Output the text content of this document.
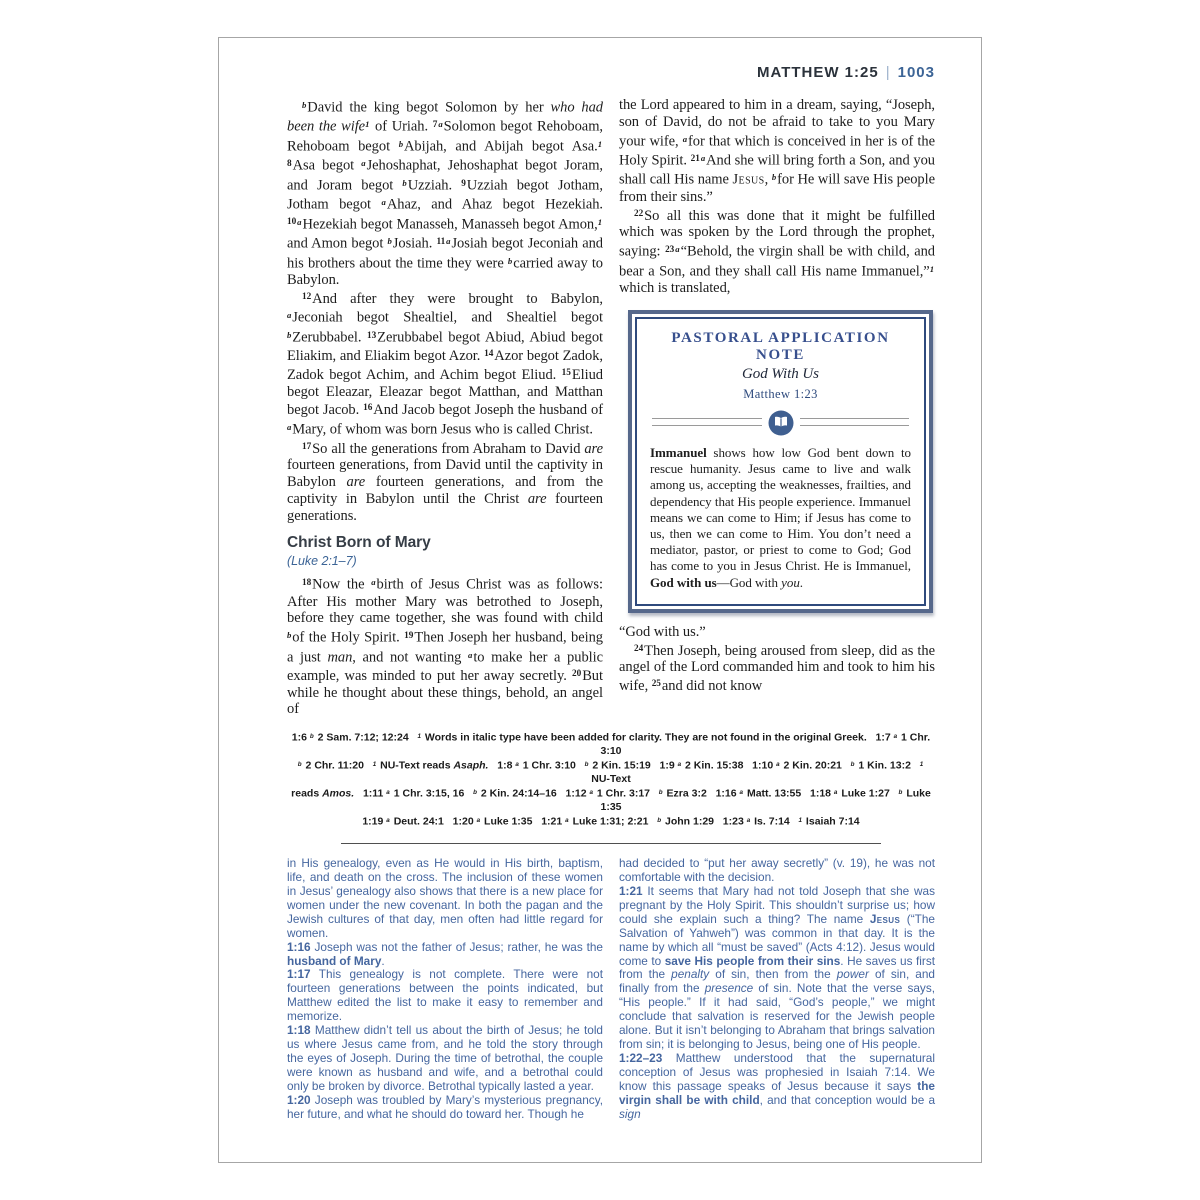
MATTHEW 1:25 | 1003

$^b$David the king begot Solomon by her who had been the wife$^1$ of Uriah. $^{7a}$Solomon begot Rehoboam, Rehoboam begot $^b$Abijah, and Abijah begot Asa.$^1$ $^8$Asa begot $^a$Jehoshaphat, Jehoshaphat begot Joram, and Joram begot $^b$Uzziah. $^9$Uzziah begot Jotham, Jotham begot $^a$Ahaz, and Ahaz begot Hezekiah. $^{10a}$Hezekiah begot Manasseh, Manasseh begot Amon,$^1$ and Amon begot $^b$Josiah. $^{11a}$Josiah begot Jeconiah and his brothers about the time they were $^b$carried away to Babylon.

$^{12}$And after they were brought to Babylon, $^a$Jeconiah begot Shealtiel, and Shealtiel begot $^b$Zerubbabel. $^{13}$Zerubbabel begot Abiud, Abiud begot Eliakim, and Eliakim begot Azor. $^{14}$Azor begot Zadok, Zadok begot Achim, and Achim begot Eliud. $^{15}$Eliud begot Eleazar, Eleazar begot Matthan, and Matthan begot Jacob. $^{16}$And Jacob begot Joseph the husband of $^a$Mary, of whom was born Jesus who is called Christ.

$^{17}$So all the generations from Abraham to David are fourteen generations, from David until the captivity in Babylon are fourteen generations, and from the captivity in Babylon until the Christ are fourteen generations.

Christ Born of Mary
(Luke 2:1–7)

$^{18}$Now the $^a$birth of Jesus Christ was as follows: After His mother Mary was betrothed to Joseph, before they came together, she was found with child $^b$of the Holy Spirit. $^{19}$Then Joseph her husband, being a just man, and not wanting $^a$to make her a public example, was minded to put her away secretly. $^{20}$But while he thought about these things, behold, an angel of

the Lord appeared to him in a dream, saying, “Joseph, son of David, do not be afraid to take to you Mary your wife, $^a$for that which is conceived in her is of the Holy Spirit. $^{21a}$And she will bring forth a Son, and you shall call His name Jesus, $^b$for He will save His people from their sins.”

$^{22}$So all this was done that it might be fulfilled which was spoken by the Lord through the prophet, saying: $^{23a}$“Behold, the virgin shall be with child, and bear a Son, and they shall call His name Immanuel,”$^1$ which is translated,

PASTORAL APPLICATION NOTE
God With Us
Matthew 1:23
Immanuel shows how low God bent down to rescue humanity. Jesus came to live and walk among us, accepting the weaknesses, frailties, and dependency that His people experience. Immanuel means we can come to Him; if Jesus has come to us, then we can come to Him. You don’t need a mediator, pastor, or priest to come to God; God has come to you in Jesus Christ. He is Immanuel, God with us—God with you.

“God with us.”

$^{24}$Then Joseph, being aroused from sleep, did as the angel of the Lord commanded him and took to him his wife, $^{25}$and did not know

1:6 $^b$ 2 Sam. 7:12; 12:24   $^1$ Words in italic type have been added for clarity. They are not found in the original Greek.   1:7 $^a$ 1 Chr. 3:10
$^b$ 2 Chr. 11:20   $^1$ NU-Text reads Asaph. 1:8 $^a$ 1 Chr. 3:10   $^b$ 2 Kin. 15:19   1:9 $^a$ 2 Kin. 15:38   1:10 $^a$ 2 Kin. 20:21   $^b$ 1 Kin. 13:2   $^1$ NU-Text
reads Amos. 1:11 $^a$ 1 Chr. 3:15, 16   $^b$ 2 Kin. 24:14–16   1:12 $^a$ 1 Chr. 3:17   $^b$ Ezra 3:2   1:16 $^a$ Matt. 13:55   1:18 $^a$ Luke 1:27   $^b$ Luke 1:35
1:19 $^a$ Deut. 24:1   1:20 $^a$ Luke 1:35   1:21 $^a$ Luke 1:31; 2:21   $^b$ John 1:29   1:23 $^a$ Is. 7:14   $^1$ Isaiah 7:14

in His genealogy, even as He would in His birth, baptism, life, and death on the cross. The inclusion of these women in Jesus’ genealogy also shows that there is a new place for women under the new covenant. In both the pagan and the Jewish cultures of that day, men often had little regard for women.

1:16 Joseph was not the father of Jesus; rather, he was the husband of Mary.

1:17 This genealogy is not complete. There were not fourteen generations between the points indicated, but Matthew edited the list to make it easy to remember and memorize.

1:18 Matthew didn’t tell us about the birth of Jesus; he told us where Jesus came from, and he told the story through the eyes of Joseph. During the time of betrothal, the couple were known as husband and wife, and a betrothal could only be broken by divorce. Betrothal typically lasted a year.

1:20 Joseph was troubled by Mary’s mysterious pregnancy, her future, and what he should do toward her. Though he

had decided to “put her away secretly” (v. 19), he was not comfortable with the decision.

1:21 It seems that Mary had not told Joseph that she was pregnant by the Holy Spirit. This shouldn’t surprise us; how could she explain such a thing? The name Jesus (“The Salvation of Yahweh”) was common in that day. It is the name by which all “must be saved” (Acts 4:12). Jesus would come to save His people from their sins. He saves us first from the penalty of sin, then from the power of sin, and finally from the presence of sin. Note that the verse says, “His people.” If it had said, “God’s people,” we might conclude that salvation is reserved for the Jewish people alone. But it isn’t belonging to Abraham that brings salvation from sin; it is belonging to Jesus, being one of His people.

1:22–23 Matthew understood that the supernatural conception of Jesus was prophesied in Isaiah 7:14. We know this passage speaks of Jesus because it says the virgin shall be with child, and that conception would be a sign
